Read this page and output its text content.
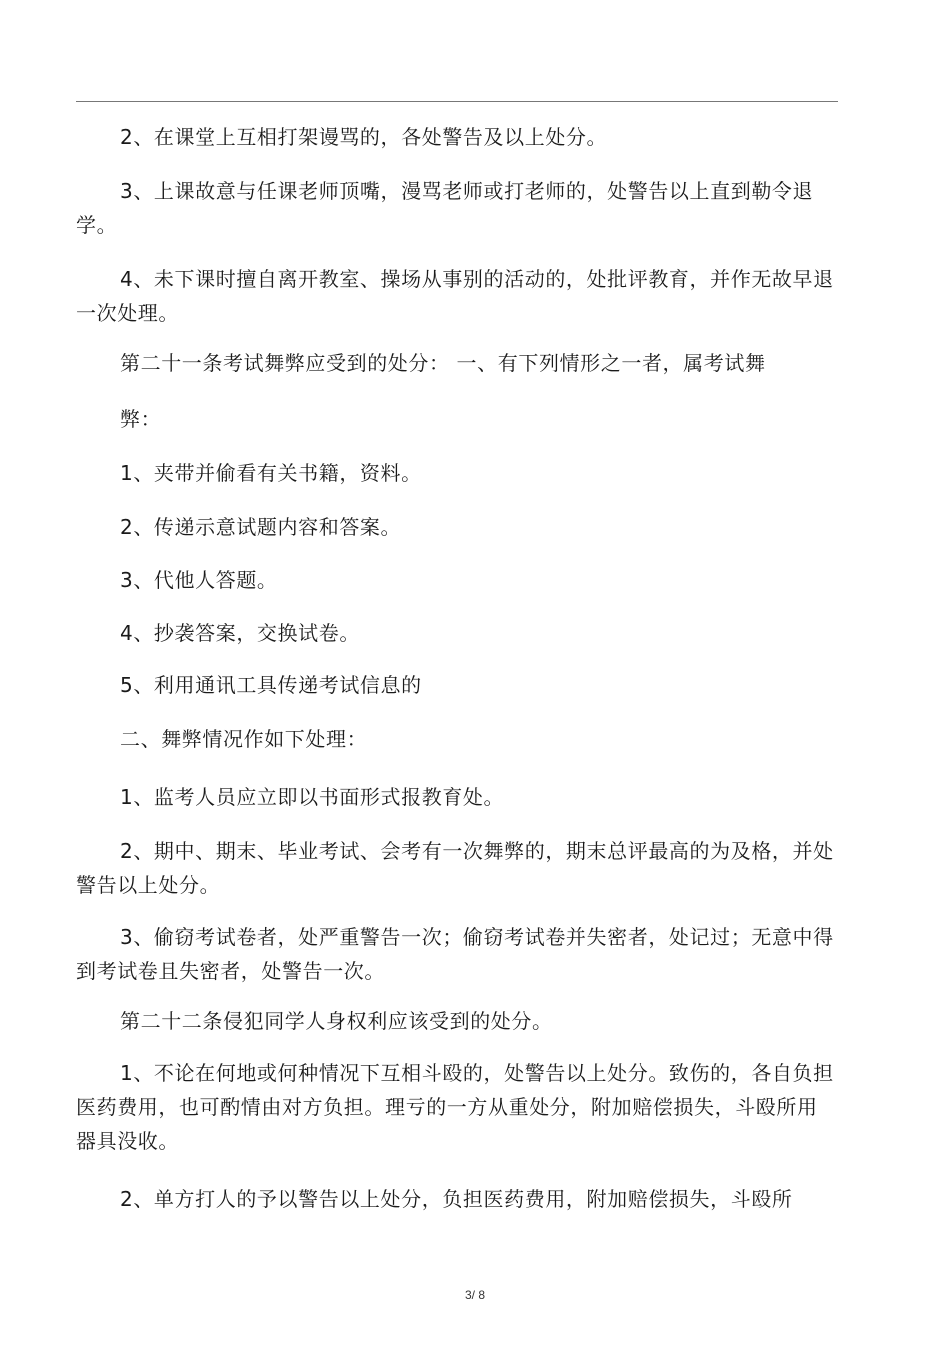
2、在课堂上互相打架谩骂的，各处警告及以上处分。

3、上课故意与任课老师顶嘴，漫骂老师或打老师的，处警告以上直到勒令退学。

4、未下课时擅自离开教室、操场从事别的活动的，处批评教育，并作无故早退一次处理。

第二十一条考试舞弊应受到的处分： 一、有下列情形之一者，属考试舞

弊：

1、夹带并偷看有关书籍，资料。

2、传递示意试题内容和答案。

3、代他人答题。

4、抄袭答案，交换试卷。

5、利用通讯工具传递考试信息的

二、舞弊情况作如下处理：

1、监考人员应立即以书面形式报教育处。

2、期中、期末、毕业考试、会考有一次舞弊的，期末总评最高的为及格，并处警告以上处分。

3、偷窃考试卷者，处严重警告一次；偷窃考试卷并失密者，处记过；无意中得到考试卷且失密者，处警告一次。

第二十二条侵犯同学人身权利应该受到的处分。

1、不论在何地或何种情况下互相斗殴的，处警告以上处分。致伤的，各自负担医药费用，也可酌情由对方负担。理亏的一方从重处分，附加赔偿损失，斗殴所用器具没收。

2、单方打人的予以警告以上处分，负担医药费用，附加赔偿损失，斗殴所

3/ 8
